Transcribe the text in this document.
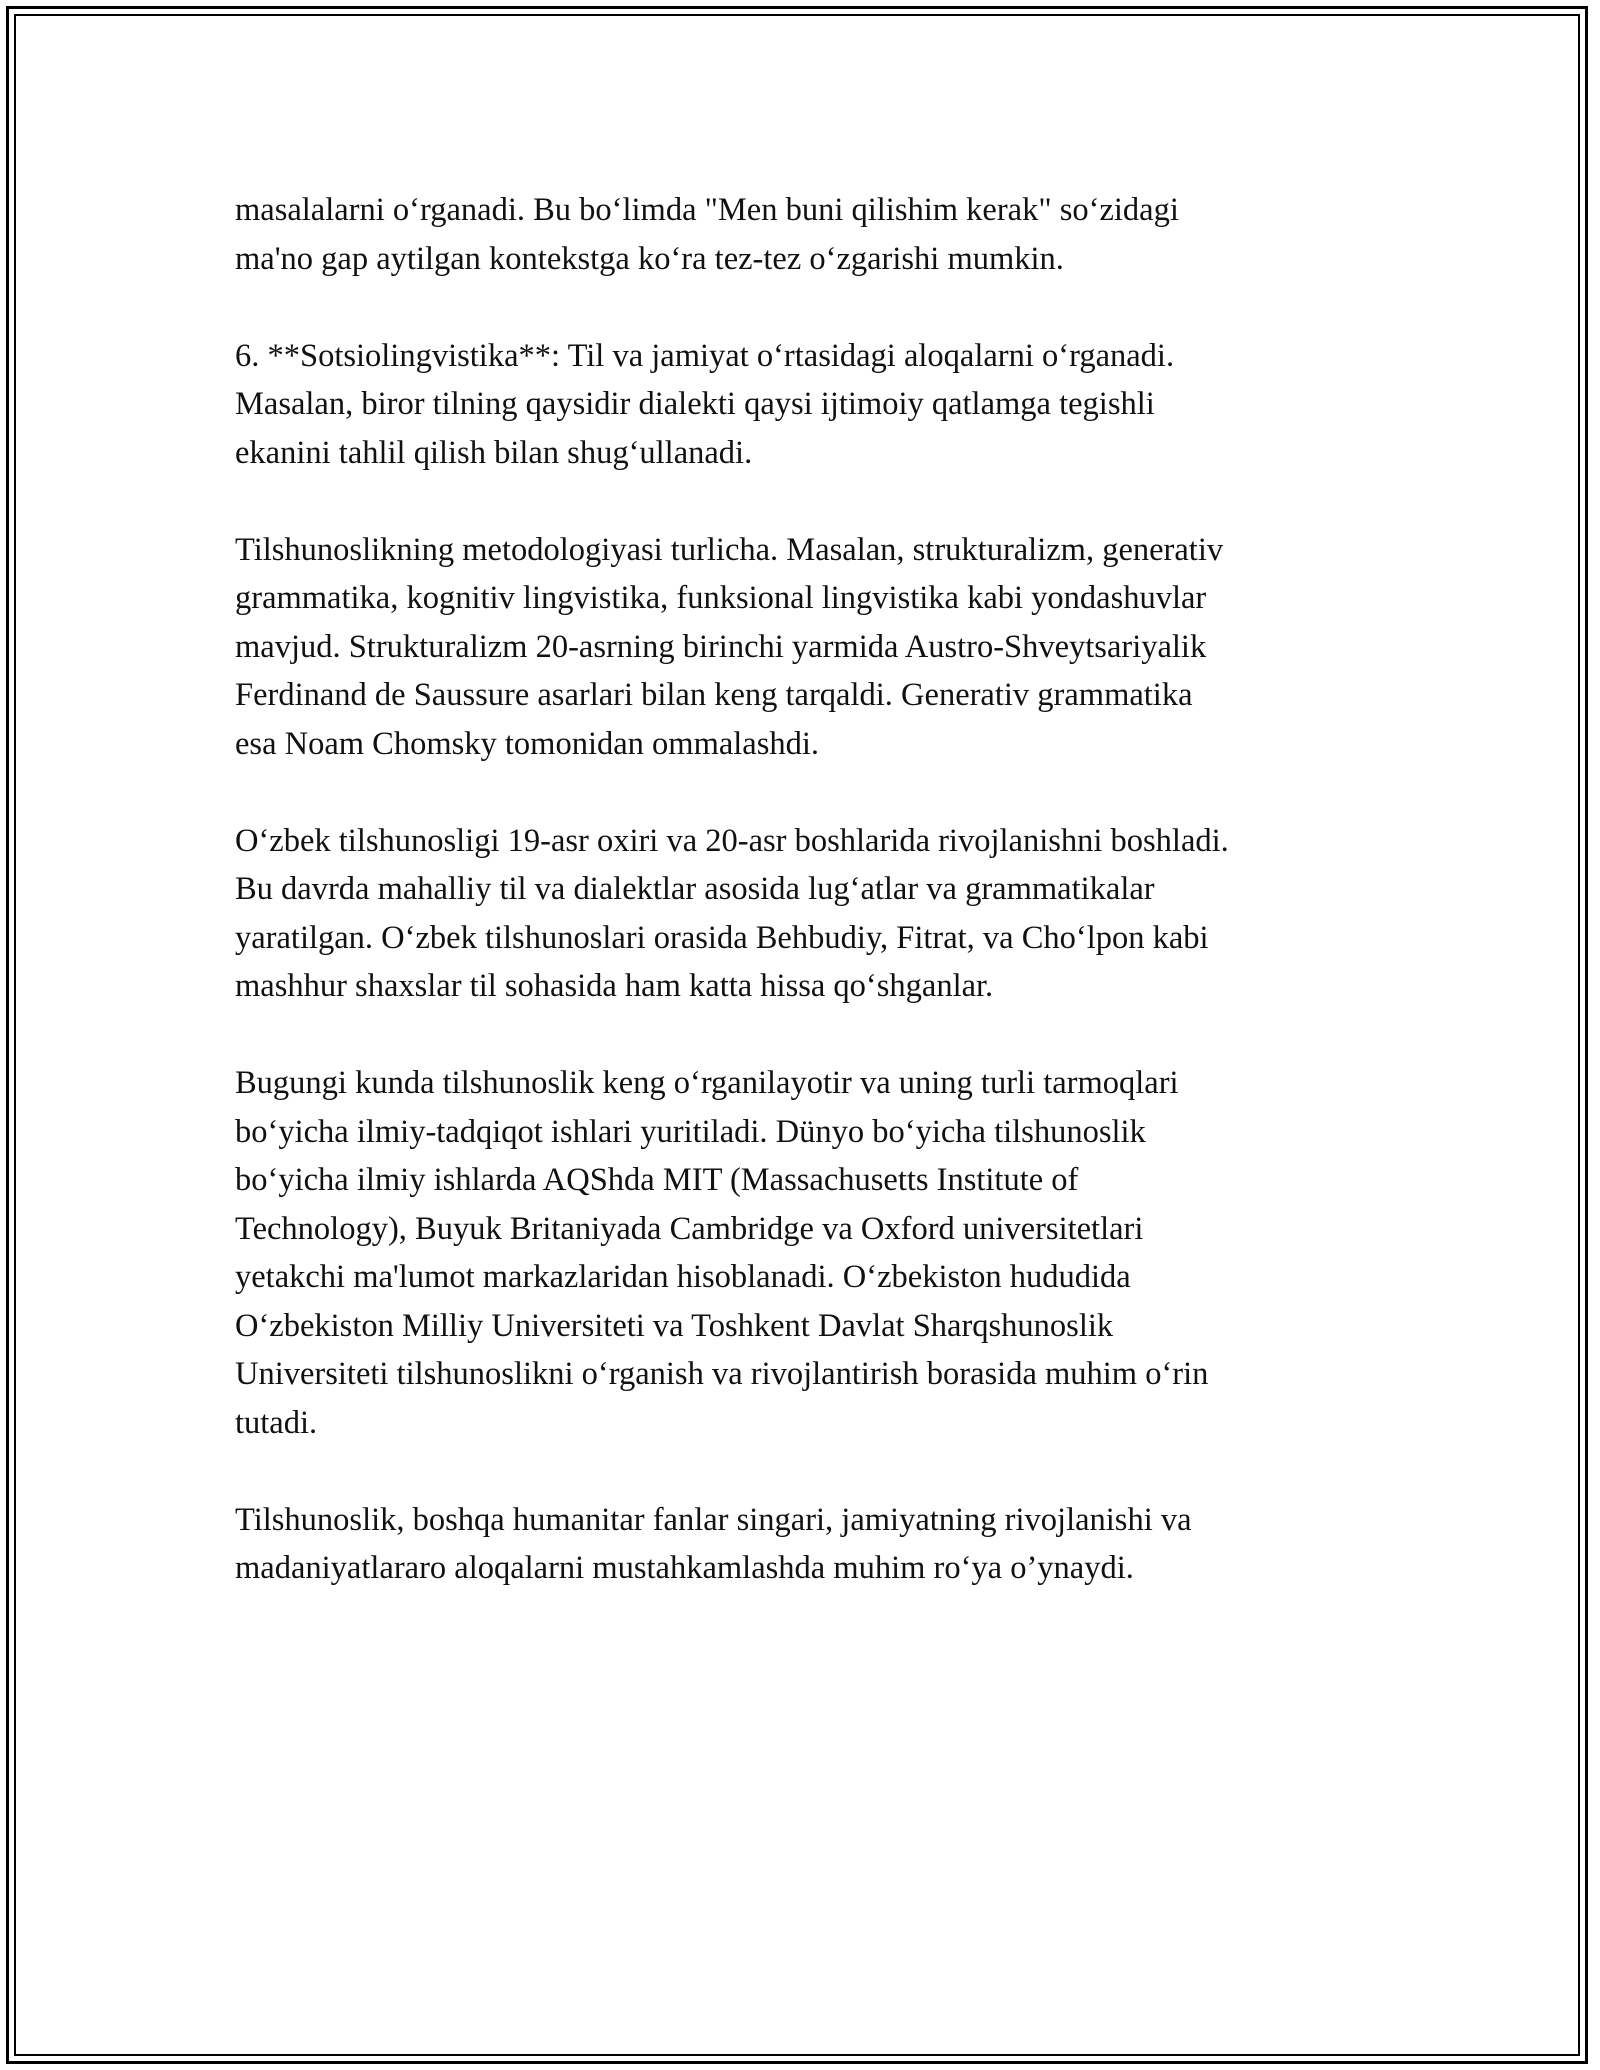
masalalarni o‘rganadi. Bu bo‘limda "Men buni qilishim kerak" so‘zidagi
ma'no gap aytilgan kontekstga ko‘ra tez-tez o‘zgarishi mumkin.

6. **Sotsiolingvistika**: Til va jamiyat o‘rtasidagi aloqalarni o‘rganadi.
Masalan, biror tilning qaysidir dialekti qaysi ijtimoiy qatlamga tegishli
ekanini tahlil qilish bilan shug‘ullanadi.

Tilshunoslikning metodologiyasi turlicha. Masalan, strukturalizm, generativ
grammatika, kognitiv lingvistika, funksional lingvistika kabi yondashuvlar
mavjud. Strukturalizm 20-asrning birinchi yarmida Austro-Shveytsariyalik
Ferdinand de Saussure asarlari bilan keng tarqaldi. Generativ grammatika
esa Noam Chomsky tomonidan ommalashdi.

O‘zbek tilshunosligi 19-asr oxiri va 20-asr boshlarida rivojlanishni boshladi.
Bu davrda mahalliy til va dialektlar asosida lug‘atlar va grammatikalar
yaratilgan. O‘zbek tilshunoslari orasida Behbudiy, Fitrat, va Cho‘lpon kabi
mashhur shaxslar til sohasida ham katta hissa qo‘shganlar.

Bugungi kunda tilshunoslik keng o‘rganilayotir va uning turli tarmoqlari
bo‘yicha ilmiy-tadqiqot ishlari yuritiladi. Dünyo bo‘yicha tilshunoslik
bo‘yicha ilmiy ishlarda AQShda MIT (Massachusetts Institute of
Technology), Buyuk Britaniyada Cambridge va Oxford universitetlari
yetakchi ma'lumot markazlaridan hisoblanadi. O‘zbekiston hududida
O‘zbekiston Milliy Universiteti va Toshkent Davlat Sharqshunoslik
Universiteti tilshunoslikni o‘rganish va rivojlantirish borasida muhim o‘rin
tutadi.

Tilshunoslik, boshqa humanitar fanlar singari, jamiyatning rivojlanishi va
madaniyatlararo aloqalarni mustahkamlashda muhim ro‘ya o’ynaydi.
